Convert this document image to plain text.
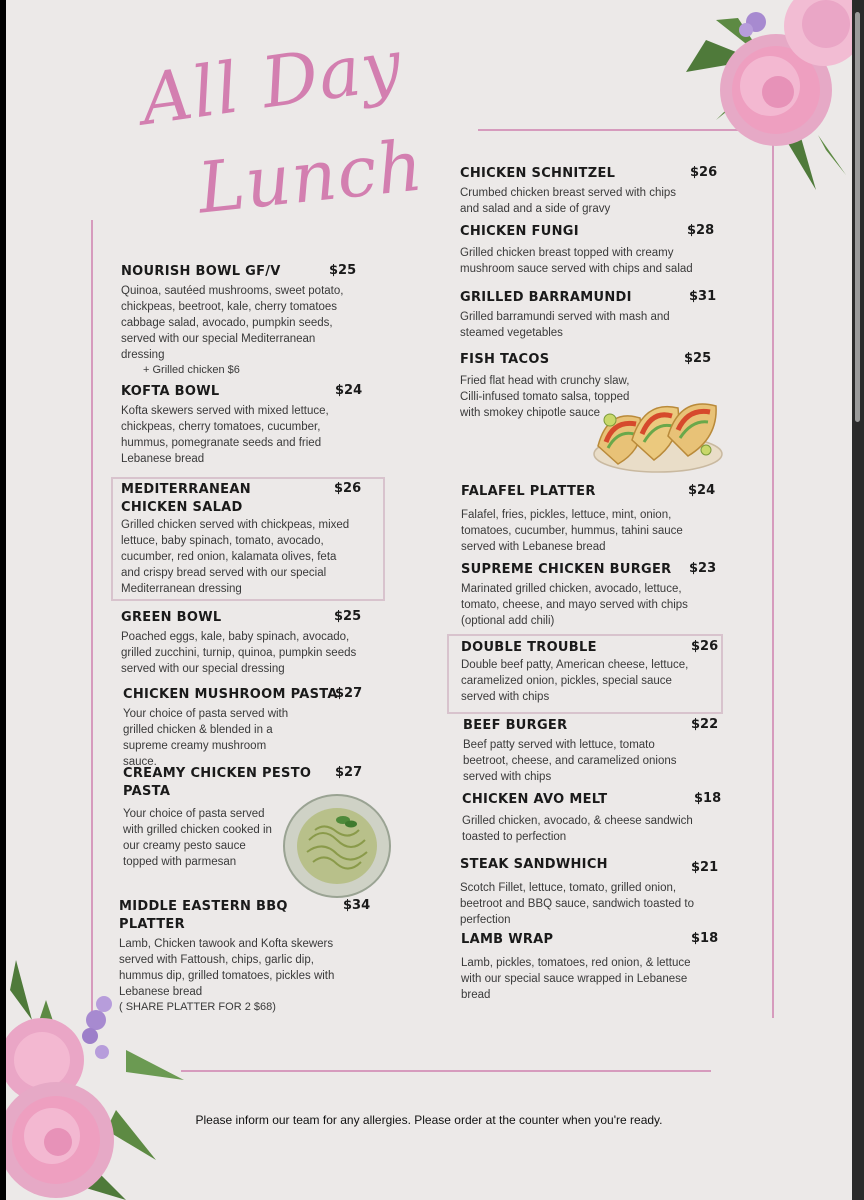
All Day
Lunch
NOURISH BOWL GF/V	$25
Quinoa, sautéed mushrooms, sweet potato, chickpeas, beetroot, kale, cherry tomatoes cabbage salad, avocado, pumpkin seeds, served with our special Mediterranean dressing
+ Grilled chicken $6
KOFTA BOWL	$24
Kofta skewers served with mixed lettuce, chickpeas, cherry tomatoes, cucumber, hummus, pomegranate seeds and fried Lebanese bread
MEDITERRANEAN CHICKEN SALAD
$26
Grilled chicken served with chickpeas, mixed lettuce, baby spinach, tomato, avocado, cucumber, red onion, kalamata olives, feta and crispy bread served with our special Mediterranean dressing
GREEN BOWL	$25
Poached eggs, kale, baby spinach, avocado, grilled zucchini, turnip, quinoa, pumpkin seeds served with our special dressing
CHICKEN MUSHROOM PASTA
$27
Your choice of pasta served with grilled chicken & blended in a supreme creamy mushroom sauce.
CREAMY CHICKEN PESTO PASTA
$27
Your choice of pasta served with grilled chicken cooked in our creamy pesto sauce topped with parmesan
MIDDLE EASTERN BBQ PLATTER
$34
Lamb, Chicken tawook and Kofta skewers served with Fattoush, chips, garlic dip, hummus dip, grilled tomatoes, pickles with Lebanese bread
( SHARE PLATTER FOR 2 $68)
CHICKEN SCHNITZEL	$26
Crumbed chicken breast served with chips and salad and a side of gravy
CHICKEN FUNGI	$28
Grilled chicken breast topped with creamy mushroom sauce served with chips and salad
GRILLED BARRAMUNDI	$31
Grilled barramundi served with mash and steamed vegetables
FISH TACOS	$25
Fried flat head with crunchy slaw, Cilli-infused tomato salsa, topped with smokey chipotle sauce
FALAFEL PLATTER	$24
Falafel, fries, pickles, lettuce, mint, onion, tomatoes, cucumber, hummus, tahini sauce served with Lebanese bread
SUPREME CHICKEN BURGER	$23
Marinated grilled chicken, avocado, lettuce, tomato, cheese, and mayo served with chips (optional add chili)
DOUBLE TROUBLE	$26
Double beef patty, American cheese, lettuce, caramelized onion, pickles, special sauce served with chips
BEEF BURGER	$22
Beef patty served with lettuce, tomato beetroot, cheese, and caramelized onions served with chips
CHICKEN AVO MELT	$18
Grilled chicken, avocado, & cheese sandwich toasted to perfection
STEAK SANDWHICH	$21
Scotch Fillet, lettuce, tomato, grilled onion, beetroot and BBQ sauce, sandwich toasted to perfection
LAMB WRAP	$18
Lamb, pickles, tomatoes, red onion, & lettuce with our special sauce wrapped in Lebanese bread
Please inform our team for any allergies. Please order at the counter when you're ready.
